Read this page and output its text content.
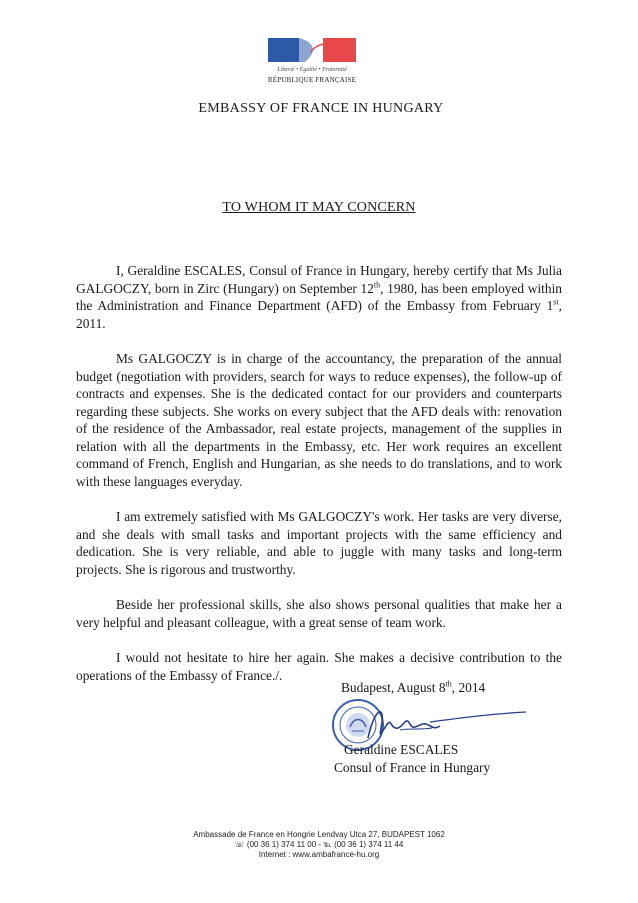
Liberté • Égalité • Fraternité
RÉPUBLIQUE FRANÇAISE
EMBASSY OF FRANCE IN HUNGARY
TO WHOM IT MAY CONCERN

I, Geraldine ESCALES, Consul of France in Hungary, hereby certify that Ms Julia GALGOCZY, born in Zirc (Hungary) on September 12th, 1980, has been employed within the Administration and Finance Department (AFD) of the Embassy from February 1st, 2011.

Ms GALGOCZY is in charge of the accountancy, the preparation of the annual budget (negotiation with providers, search for ways to reduce expenses), the follow-up of contracts and expenses. She is the dedicated contact for our providers and counterparts regarding these subjects. She works on every subject that the AFD deals with: renovation of the residence of the Ambassador, real estate projects, management of the supplies in relation with all the departments in the Embassy, etc. Her work requires an excellent command of French, English and Hungarian, as she needs to do translations, and to work with these languages everyday.

I am extremely satisfied with Ms GALGOCZY's work. Her tasks are very diverse, and she deals with small tasks and important projects with the same efficiency and dedication. She is very reliable, and able to juggle with many tasks and long-term projects. She is rigorous and trustworthy.

Beside her professional skills, she also shows personal qualities that make her a very helpful and pleasant colleague, with a great sense of team work.

I would not hesitate to hire her again. She makes a decisive contribution to the operations of the Embassy of France./.

Budapest, August 8th, 2014
Geraldine ESCALES
Consul of France in Hungary
Ambassade de France en Hongrie Lendvay Utca 27, BUDAPEST 1062
☏ (00 36 1) 374 11 00 - ℡ (00 36 1) 374 11 44
Internet : www.ambafrance-hu.org
